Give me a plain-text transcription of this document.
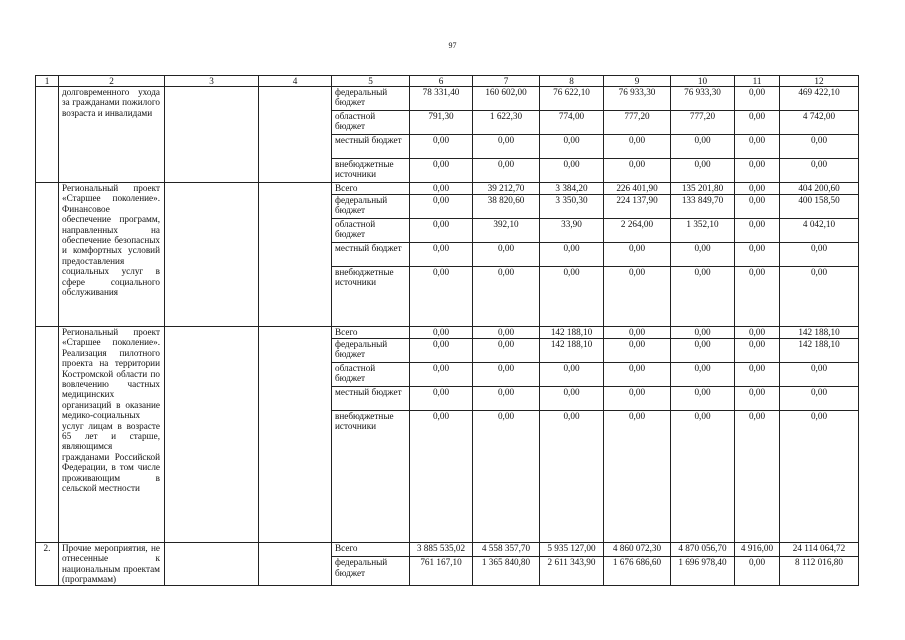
97
1	2	3	4	5	6	7	8	9	10	11	12

	долговременного ухода за гражданами пожилого возраста и инвалидами			федеральный бюджет	78 331,40	160 602,00	76 622,10	76 933,30	76 933,30	0,00	469 422,10
				областной бюджет	791,30	1 622,30	774,00	777,20	777,20	0,00	4 742,00
				местный бюджет	0,00	0,00	0,00	0,00	0,00	0,00	0,00
				внебюджетные источники	0,00	0,00	0,00	0,00	0,00	0,00	0,00

	Региональный проект «Старшее поколение». Финансовое обеспечение программ, направленных на обеспечение безопасных и комфортных условий предоставления социальных услуг в сфере социального обслуживания			Всего	0,00	39 212,70	3 384,20	226 401,90	135 201,80	0,00	404 200,60
				федеральный бюджет	0,00	38 820,60	3 350,30	224 137,90	133 849,70	0,00	400 158,50
				областной бюджет	0,00	392,10	33,90	2 264,00	1 352,10	0,00	4 042,10
				местный бюджет	0,00	0,00	0,00	0,00	0,00	0,00	0,00
				внебюджетные источники	0,00	0,00	0,00	0,00	0,00	0,00	0,00

	Региональный проект «Старшее поколение». Реализация пилотного проекта на территории Костромской области по вовлечению частных медицинских организаций в оказание медико-социальных услуг лицам в возрасте 65 лет и старше, являющимся гражданами Российской Федерации, в том числе проживающим в сельской местности			Всего	0,00	0,00	142 188,10	0,00	0,00	0,00	142 188,10
				федеральный бюджет	0,00	0,00	142 188,10	0,00	0,00	0,00	142 188,10
				областной бюджет	0,00	0,00	0,00	0,00	0,00	0,00	0,00
				местный бюджет	0,00	0,00	0,00	0,00	0,00	0,00	0,00
				внебюджетные источники	0,00	0,00	0,00	0,00	0,00	0,00	0,00
2.	Прочие мероприятия, не отнесенные к национальным проектам (программам)			Всего	3 885 535,02	4 558 357,70	5 935 127,00	4 860 072,30	4 870 056,70	4 916,00	24 114 064,72
				федеральный бюджет	761 167,10	1 365 840,80	2 611 343,90	1 676 686,60	1 696 978,40	0,00	8 112 016,80
